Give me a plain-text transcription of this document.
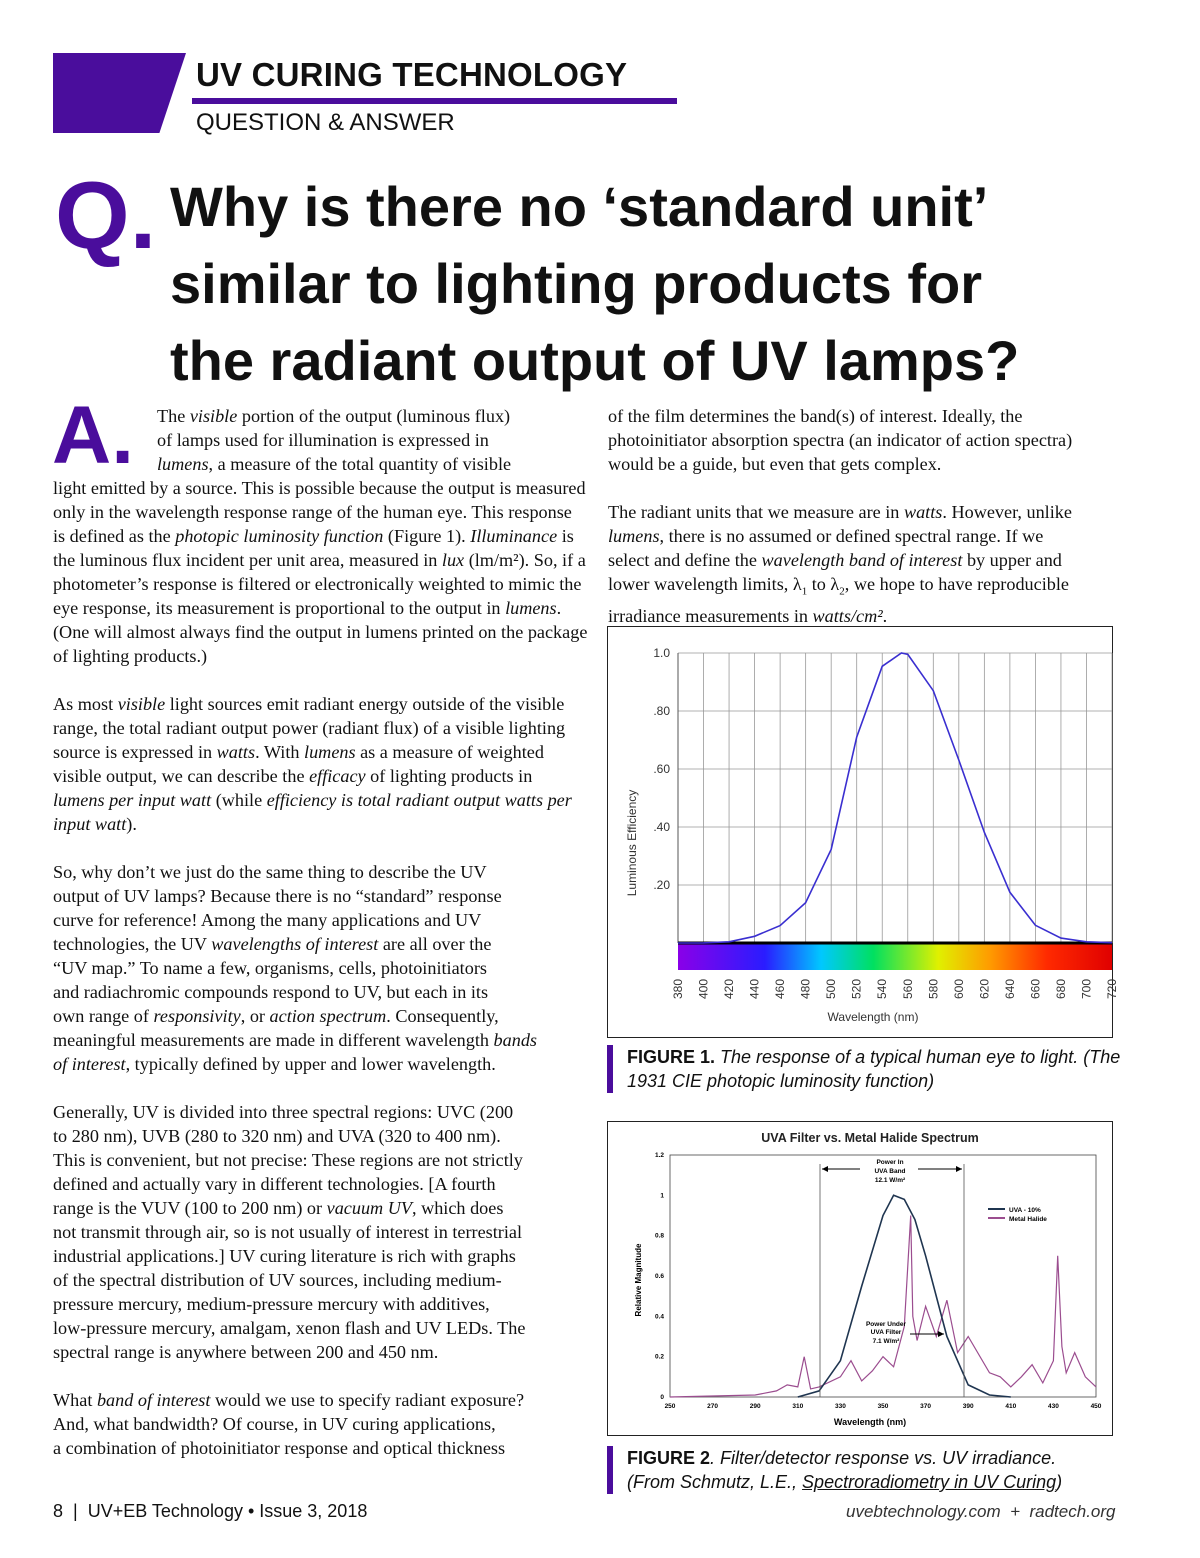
UV CURING TECHNOLOGY
QUESTION & ANSWER
Q. Why is there no ‘standard unit’
similar to lighting products for
the radiant output of UV lamps?
A.	The visible portion of the output (luminous flux)

of lamps used for illumination is expressed in

lumens, a measure of the total quantity of visible

light emitted by a source. This is possible because the output is measured only in the wavelength response range of the human eye. This response is defined as the photopic luminosity function (Figure 1). Illuminance is the luminous flux incident per unit area, measured in lux (lm/m²). So, if a photometer’s response is filtered or electronically weighted to mimic the eye response, its measurement is proportional to the output in lumens. (One will almost always find the output in lumens printed on the package of lighting products.)

As most visible light sources emit radiant energy outside of the visible range, the total radiant output power (radiant flux) of a visible lighting source is expressed in watts. With lumens as a measure of weighted visible output, we can describe the efficacy of lighting products in lumens per input watt (while efficiency is total radiant output watts per input watt).

So, why don’t we just do the same thing to describe the UV
output of UV lamps? Because there is no “standard” response
curve for reference! Among the many applications and UV
technologies, the UV wavelengths of interest are all over the
“UV map.” To name a few, organisms, cells, photoinitiators
and radiachromic compounds respond to UV, but each in its
own range of responsivity, or action spectrum. Consequently,
meaningful measurements are made in different wavelength bands
of interest, typically defined by upper and lower wavelength.

Generally, UV is divided into three spectral regions: UVC (200
to 280 nm), UVB (280 to 320 nm) and UVA (320 to 400 nm).
This is convenient, but not precise: These regions are not strictly
defined and actually vary in different technologies. [A fourth
range is the VUV (100 to 200 nm) or vacuum UV, which does
not transmit through air, so is not usually of interest in terrestrial
industrial applications.] UV curing literature is rich with graphs
of the spectral distribution of UV sources, including medium-
pressure mercury, medium-pressure mercury with additives,
low-pressure mercury, amalgam, xenon flash and UV LEDs. The
spectral range is anywhere between 200 and 450 nm.

What band of interest would we use to specify radiant exposure?
And, what bandwidth? Of course, in UV curing applications,
a combination of photoinitiator response and optical thickness

of the film determines the band(s) of interest. Ideally, the
photoinitiator absorption spectra (an indicator of action spectra)
would be a guide, but even that gets complex.

The radiant units that we measure are in watts. However, unlike
lumens, there is no assumed or defined spectral range. If we
select and define the wavelength band of interest by upper and
lower wavelength limits, $\lambda_1$ to $\lambda_2$, we hope to have reproducible
irradiance measurements in watts/cm².

380 400 420 440 460 480 500 520 540 560 580 600 620 640 660 680 700 720
.20
.40
.60
.80
1.0
Luminous Efficiency
Wavelength (nm)
FIGURE 1. The response of a typical human eye to light. (The 1931 CIE photopic luminosity function)
UVA Filter vs. Metal Halide Spectrum
250	270	290	310	330	350	370	390	410	430	450
0
0.2
0.4
0.6
0.8
1
1.2
Power In
UVA Band
12.1 W/m²
Power Under
UVA Filter
7.1 W/m²
UVA - 10%
Metal Halide
Relative Magnitude
Wavelength (nm)
FIGURE 2. Filter/detector response vs. UV irradiance.
(From Schmutz, L.E., Spectroradiometry in UV Curing)
8  |  UV+EB Technology • Issue 3, 2018	uvebtechnology.com  +  radtech.org
